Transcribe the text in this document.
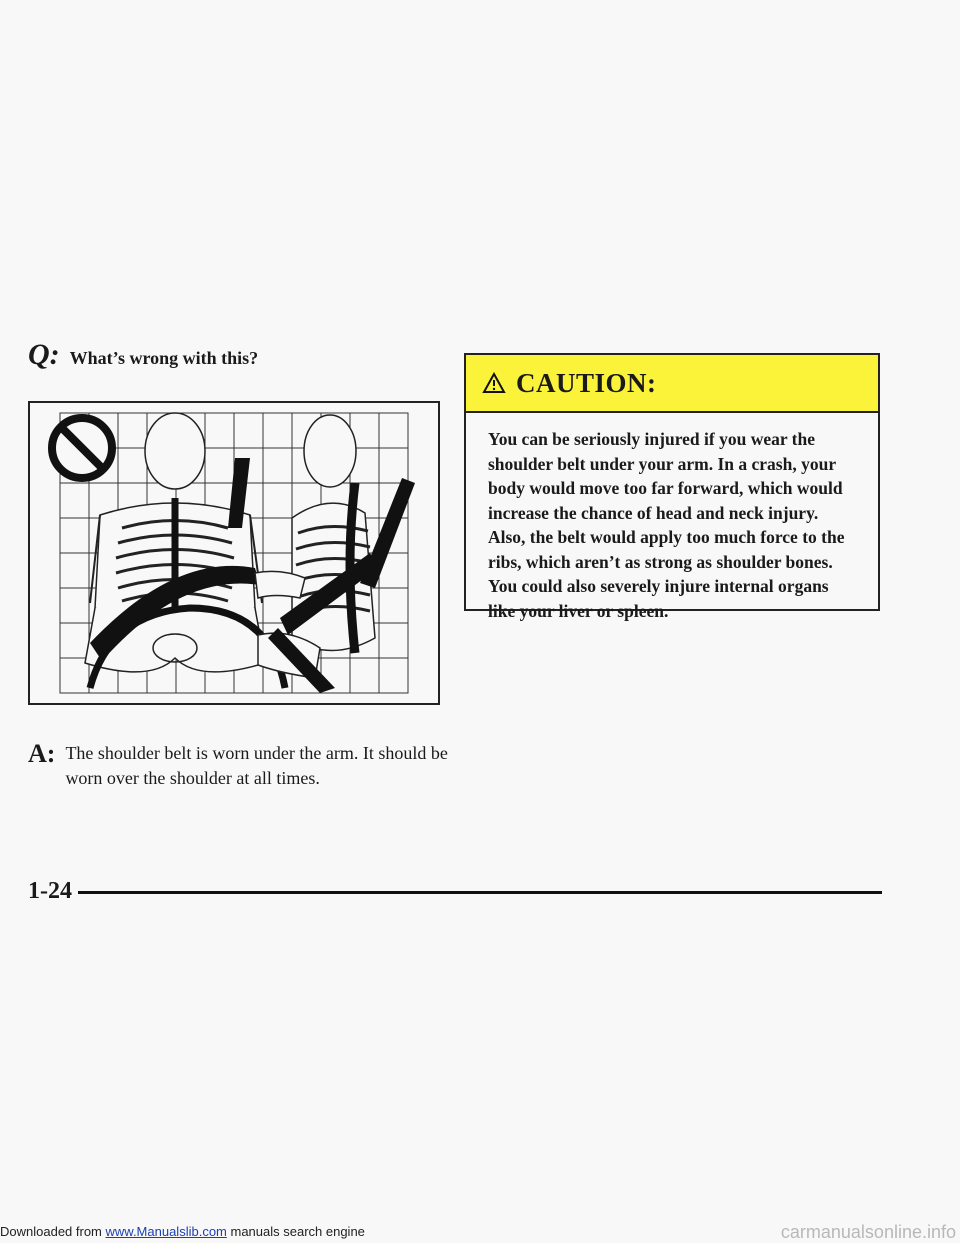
Q: What’s wrong with this?
A: The shoulder belt is worn under the arm. It should be worn over the shoulder at all times.
CAUTION:
You can be seriously injured if you wear the shoulder belt under your arm. In a crash, your body would move too far forward, which would increase the chance of head and neck injury. Also, the belt would apply too much force to the ribs, which aren’t as strong as shoulder bones. You could also severely injure internal organs like your liver or spleen.
1-24
Downloaded from www.Manualslib.com manuals search engine	carmanualsonline.info
